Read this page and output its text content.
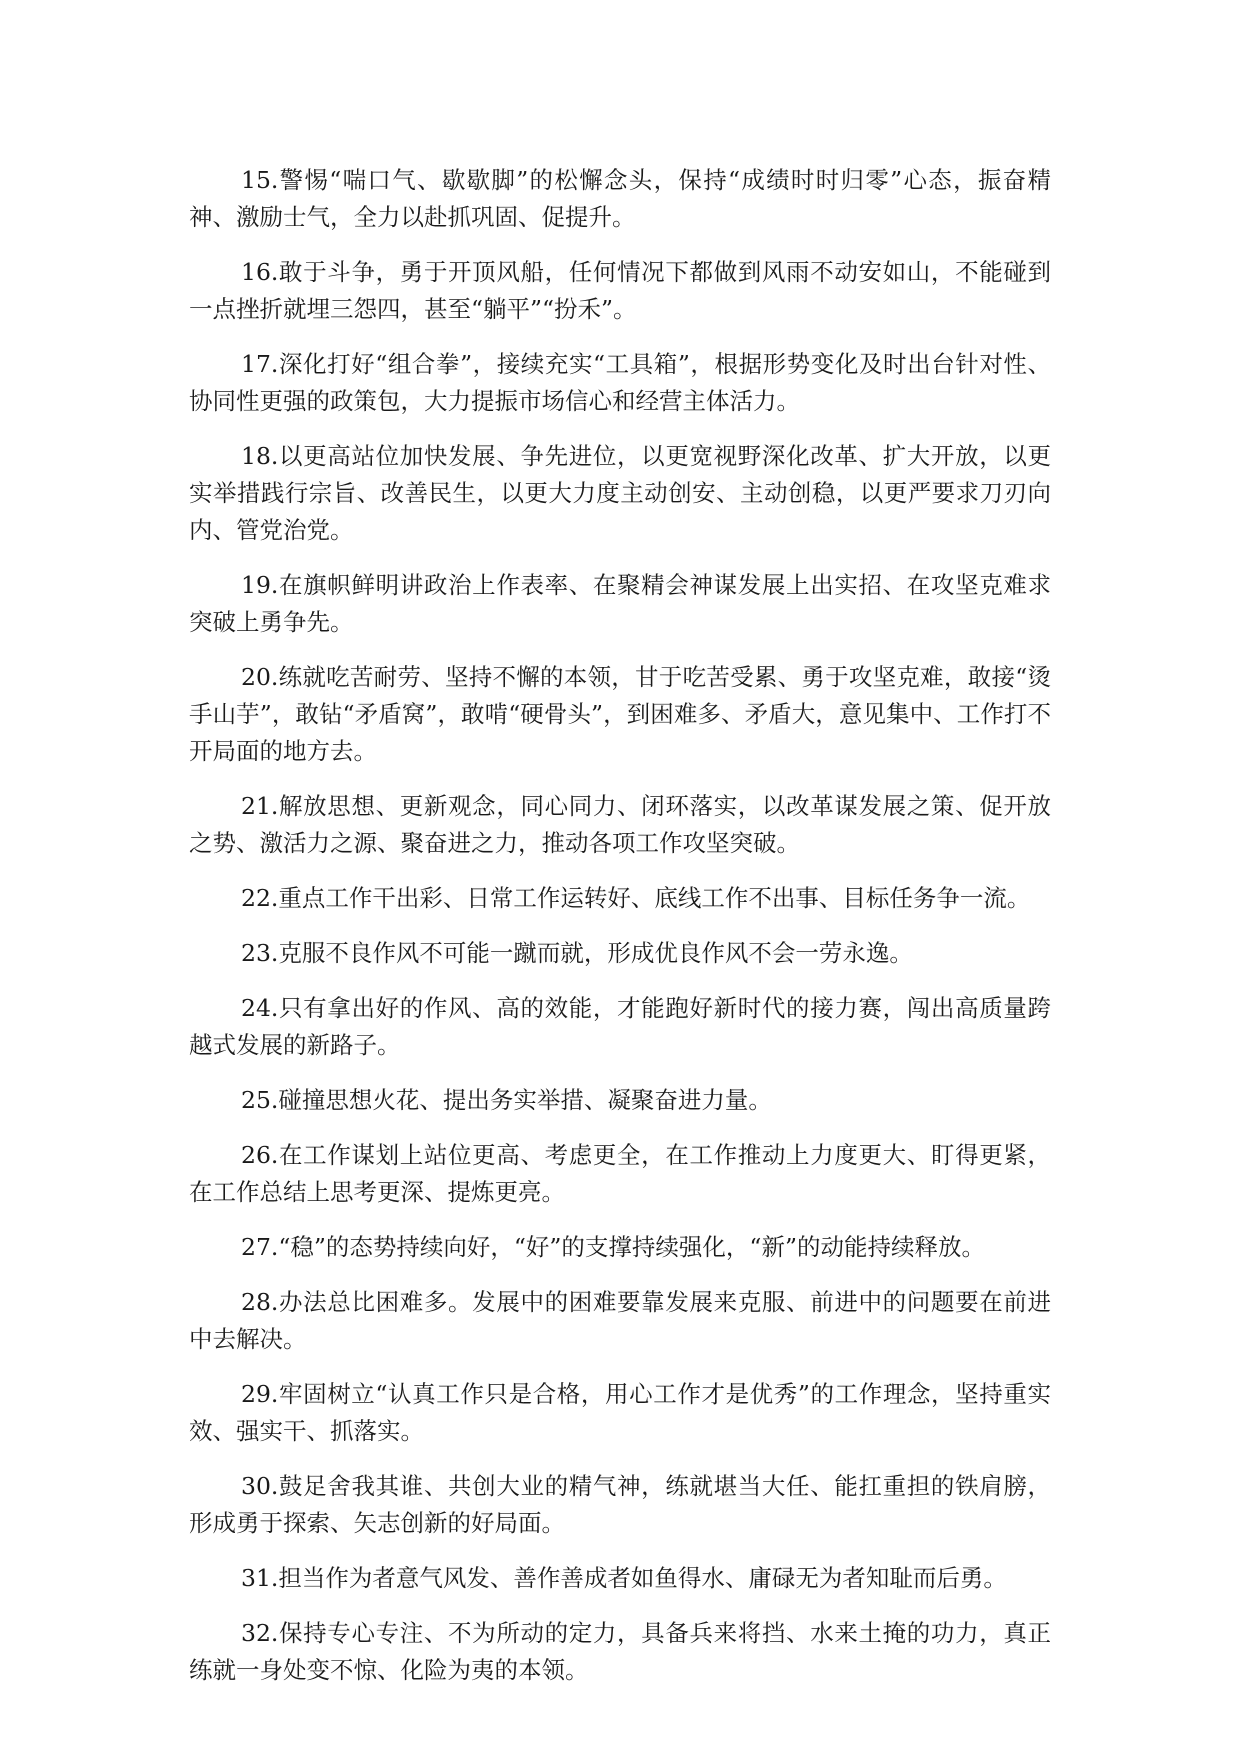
15.警惕“喘口气、歇歇脚”的松懈念头，保持“成绩时时归零”心态，振奋精神、激励士气，全力以赴抓巩固、促提升。

16.敢于斗争，勇于开顶风船，任何情况下都做到风雨不动安如山，不能碰到一点挫折就埋三怨四，甚至“躺平”“扮禾”。

17.深化打好“组合拳”，接续充实“工具箱”，根据形势变化及时出台针对性、协同性更强的政策包，大力提振市场信心和经营主体活力。

18.以更高站位加快发展、争先进位，以更宽视野深化改革、扩大开放，以更实举措践行宗旨、改善民生，以更大力度主动创安、主动创稳，以更严要求刀刃向内、管党治党。

19.在旗帜鲜明讲政治上作表率、在聚精会神谋发展上出实招、在攻坚克难求突破上勇争先。

20.练就吃苦耐劳、坚持不懈的本领，甘于吃苦受累、勇于攻坚克难，敢接“烫手山芋”，敢钻“矛盾窝”，敢啃“硬骨头”，到困难多、矛盾大，意见集中、工作打不开局面的地方去。

21.解放思想、更新观念，同心同力、闭环落实，以改革谋发展之策、促开放之势、激活力之源、聚奋进之力，推动各项工作攻坚突破。

22.重点工作干出彩、日常工作运转好、底线工作不出事、目标任务争一流。

23.克服不良作风不可能一蹴而就，形成优良作风不会一劳永逸。

24.只有拿出好的作风、高的效能，才能跑好新时代的接力赛，闯出高质量跨越式发展的新路子。

25.碰撞思想火花、提出务实举措、凝聚奋进力量。

26.在工作谋划上站位更高、考虑更全，在工作推动上力度更大、盯得更紧，在工作总结上思考更深、提炼更亮。

27.“稳”的态势持续向好，“好”的支撑持续强化，“新”的动能持续释放。

28.办法总比困难多。发展中的困难要靠发展来克服、前进中的问题要在前进中去解决。

29.牢固树立“认真工作只是合格，用心工作才是优秀”的工作理念，坚持重实效、强实干、抓落实。

30.鼓足舍我其谁、共创大业的精气神，练就堪当大任、能扛重担的铁肩膀，形成勇于探索、矢志创新的好局面。

31.担当作为者意气风发、善作善成者如鱼得水、庸碌无为者知耻而后勇。

32.保持专心专注、不为所动的定力，具备兵来将挡、水来土掩的功力，真正练就一身处变不惊、化险为夷的本领。
